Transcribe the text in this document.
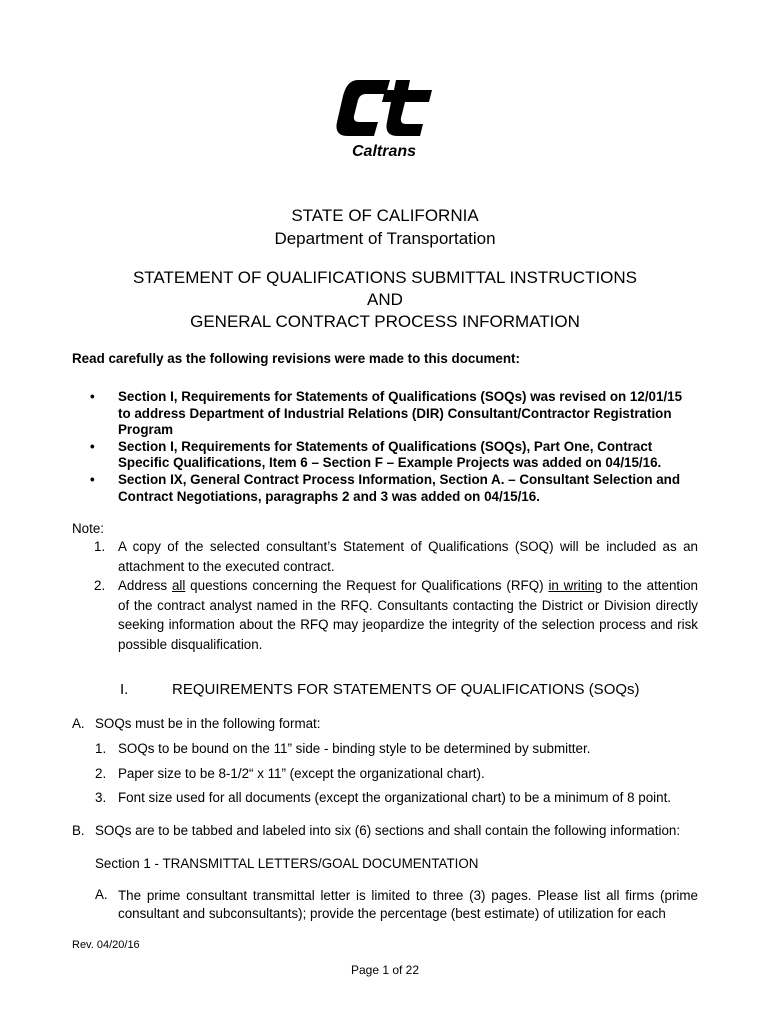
Caltrans
STATE OF CALIFORNIA
Department of Transportation
STATEMENT OF QUALIFICATIONS SUBMITTAL INSTRUCTIONS
AND
GENERAL CONTRACT PROCESS INFORMATION
Read carefully as the following revisions were made to this document:
• Section I, Requirements for Statements of Qualifications (SOQs) was revised on 12/01/15 to address Department of Industrial Relations (DIR) Consultant/Contractor Registration Program
• Section I, Requirements for Statements of Qualifications (SOQs), Part One, Contract Specific Qualifications, Item 6 – Section F – Example Projects was added on 04/15/16.
• Section IX, General Contract Process Information, Section A. – Consultant Selection and Contract Negotiations, paragraphs 2 and 3 was added on 04/15/16.
Note:
1. A copy of the selected consultant’s Statement of Qualifications (SOQ) will be included as an attachment to the executed contract.
2. Address all questions concerning the Request for Qualifications (RFQ) in writing to the attention of the contract analyst named in the RFQ. Consultants contacting the District or Division directly seeking information about the RFQ may jeopardize the integrity of the selection process and risk possible disqualification.
I.	REQUIREMENTS FOR STATEMENTS OF QUALIFICATIONS (SOQs)
A. SOQs must be in the following format:
1. SOQs to be bound on the 11” side - binding style to be determined by submitter.
2. Paper size to be 8-1/2“ x 11” (except the organizational chart).
3. Font size used for all documents (except the organizational chart) to be a minimum of 8 point.
B. SOQs are to be tabbed and labeled into six (6) sections and shall contain the following information:
Section 1 - TRANSMITTAL LETTERS/GOAL DOCUMENTATION
A. The prime consultant transmittal letter is limited to three (3) pages. Please list all firms (prime consultant and subconsultants); provide the percentage (best estimate) of utilization for each
Rev. 04/20/16
Page 1 of 22
